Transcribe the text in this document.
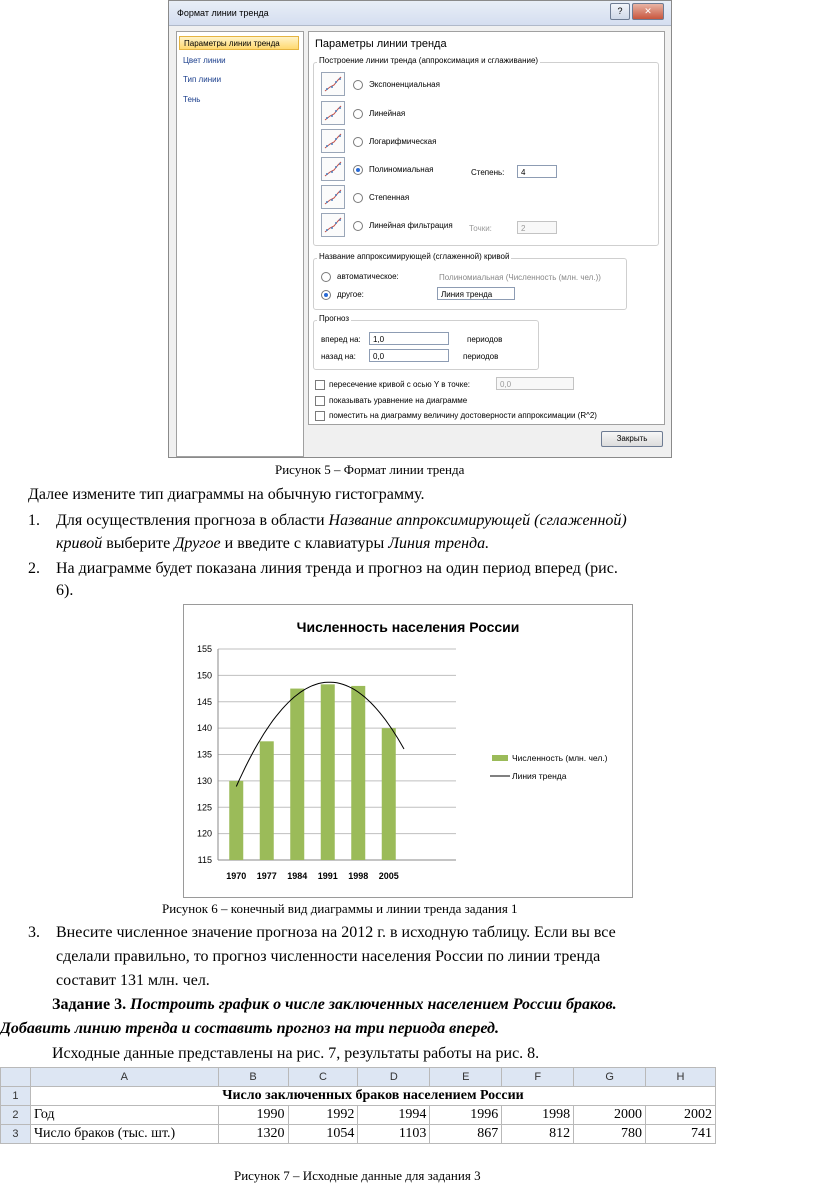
Формат линии тренда	?	✕
Параметры линии тренда
Цвет линии
Тип линии
Тень
Параметры линии тренда
Построение линии тренда (аппроксимация и сглаживание)
Степень:	4
Точки:	2
Название аппроксимирующей (сглаженной) кривой
автоматическое:	Полиномиальная (Численность (млн. чел.))
другое:	Линия тренда
Прогноз
вперед на:	1,0	периодов
назад на:	0,0	периодов
пересечение кривой с осью Y в точке:	0,0
показывать уравнение на диаграмме
поместить на диаграмму величину достоверности аппроксимации (R^2)
Экспоненциальная
Линейная
Логарифмическая
Полиномиальная
Степенная
Линейная фильтрация
Закрыть
Рисунок 5 – Формат линии тренда
Далее измените тип диаграммы на обычную гистограмму.
1. Для осуществления прогноза в области Название аппроксимирующей (сглаженной)
кривой выберите Другое и введите с клавиатуры Линия тренда.
2. На диаграмме будет показана линия тренда и прогноз на один период вперед (рис.
6).
Численность населения России
115
120
125
130
135
140
145
150
155
1970 1977 1984 1991 1998 2005
Численность (млн. чел.)
Линия тренда
Рисунок 6 – конечный вид диаграммы и линии тренда задания 1
3. Внесите численное значение прогноза на 2012 г. в исходную таблицу. Если вы все
сделали правильно, то прогноз численности населения России по линии тренда
составит 131 млн. чел.
Задание 3. Построить график о числе заключенных населением России браков.
Добавить линию тренда и составить прогноз на три периода вперед.
Исходные данные представлены на рис. 7, результаты работы на рис. 8.
	A	B	C	D	E	F	G	H
1	Число заключенных браков населением России							
2	Год	1990	1992	1994	1996	1998	2000	2002
3	Число браков (тыс. шт.)	1320	1054	1103	867	812	780	741
Рисунок 7 – Исходные данные для задания 3
